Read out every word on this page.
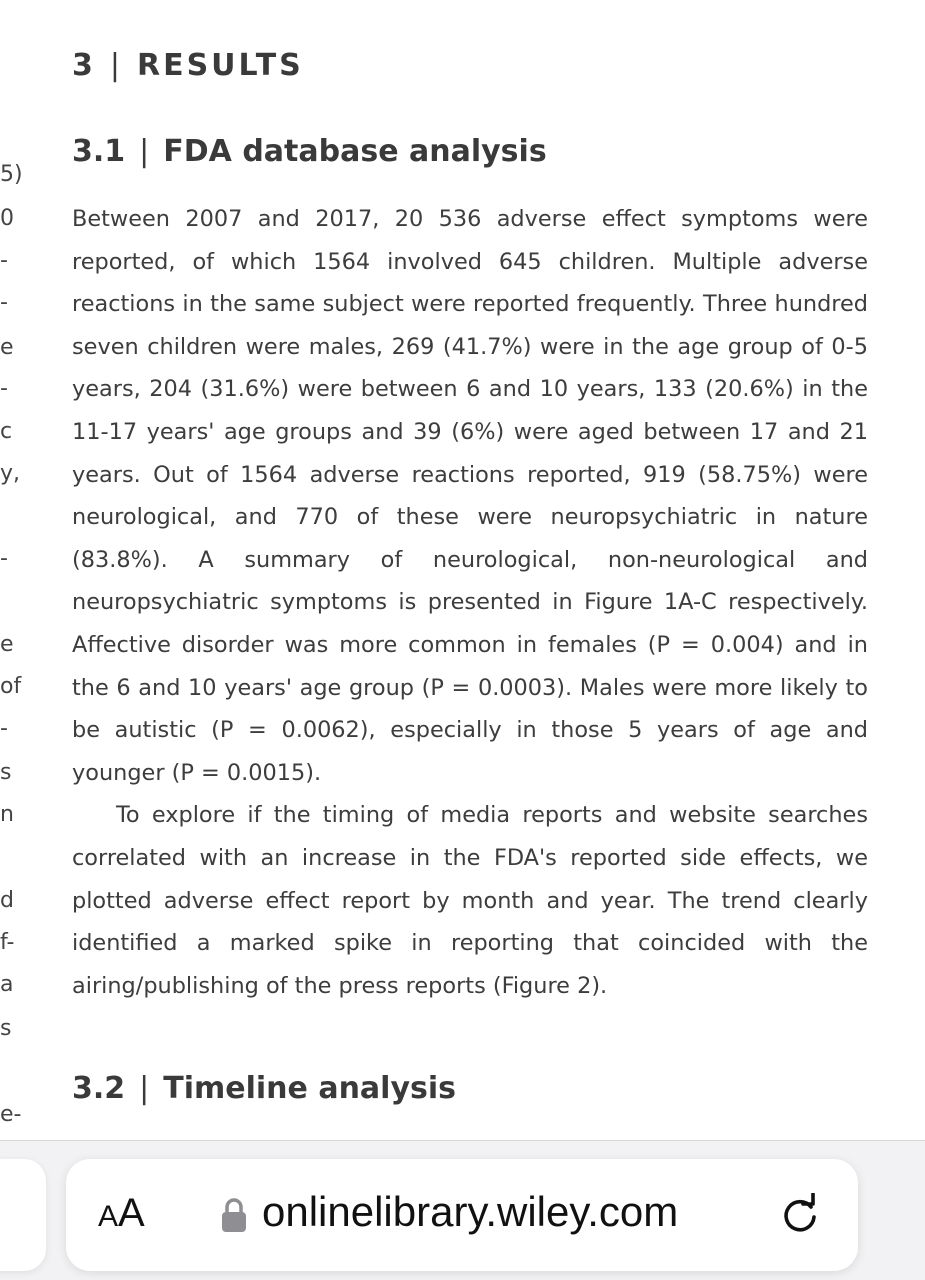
5)
0
-
-
e
-
c
y,
-
e
of
-
s
n
d
f-
a
s
e-
3 | RESULTS
3.1 | FDA database analysis

Between 2007 and 2017, 20 536 adverse effect symptoms were reported, of which 1564 involved 645 children. Multiple adverse reactions in the same subject were reported frequently. Three hundred seven children were males, 269 (41.7%) were in the age group of 0-5 years, 204 (31.6%) were between 6 and 10 years, 133 (20.6%) in the 11-17 years' age groups and 39 (6%) were aged between 17 and 21 years. Out of 1564 adverse reactions reported, 919 (58.75%) were neurological, and 770 of these were neuropsychiatric in nature (83.8%). A summary of neurological, non-neurological and neuropsychiatric symptoms is presented in Figure 1A-C respectively. Affective disorder was more common in females (P = 0.004) and in the 6 and 10 years' age group (P = 0.0003). Males were more likely to be autistic (P = 0.0062), especially in those 5 years of age and younger (P = 0.0015).

To explore if the timing of media reports and website searches correlated with an increase in the FDA's reported side effects, we plotted adverse effect report by month and year. The trend clearly identified a marked spike in reporting that coincided with the airing/publishing of the press reports (Figure 2).

3.2 | Timeline analysis
AA	onlinelibrary.wiley.com
